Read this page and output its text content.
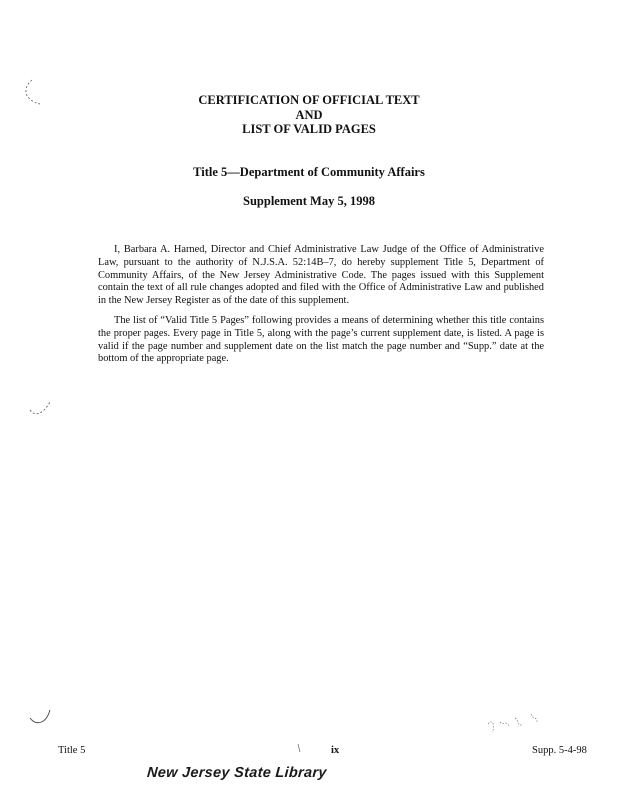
CERTIFICATION OF OFFICIAL TEXT
AND
LIST OF VALID PAGES
Title 5—Department of Community Affairs
Supplement May 5, 1998

I, Barbara A. Harned, Director and Chief Administrative Law Judge of the Office of Administrative Law, pursuant to the authority of N.J.S.A. 52:14B–7, do hereby supplement Title 5, Department of Community Affairs, of the New Jersey Administrative Code. The pages issued with this Supplement contain the text of all rule changes adopted and filed with the Office of Administrative Law and published in the New Jersey Register as of the date of this supplement.

The list of “Valid Title 5 Pages” following provides a means of determining whether this title contains the proper pages. Every page in Title 5, along with the page’s current supplement date, is listed. A page is valid if the page number and supplement date on the list match the page number and “Supp.” date at the bottom of the appropriate page.

Title 5	ix	Supp. 5-4-98
New Jersey State Library
